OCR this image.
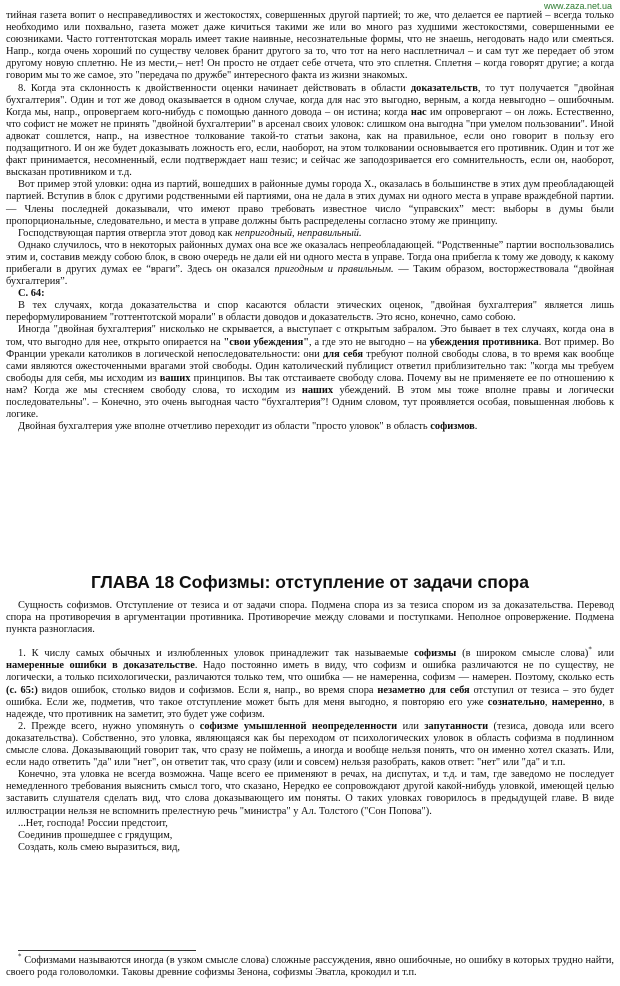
www.zaza.net.ua

тийная газета вопит о несправедливостях и жестокостях, совершенных другой партией; то же, что делается ее партией – всегда только необходимо или похвально, газета может даже кичиться такими же или во много раз худшими жестокостями, совершенными ее союзниками. Часто готтентотская мораль имеет такие наивные, несознательные формы, что не знаешь, негодовать надо или смеяться. Напр., когда очень хороший по существу человек бранит другого за то, что тот на него насплетничал – и сам тут же передает об этом другому новую сплетню. Не из мести,– нет! Он просто не отдает себе отчета, что это сплетня. Сплетня – когда говорят другие; а когда говорим мы то же самое, это "передача по дружбе" интересного факта из жизни знакомых.

8. Когда эта склонность к двойственности оценки начинает действовать в области доказательств, то тут получается "двойная бухгалтерия". Один и тот же довод оказывается в одном случае, когда для нас это выгодно, верным, а когда невыгодно – ошибочным. Когда мы, напр., опровергаем кого-нибудь с помощью данного довода – он истина; когда нас им опровергают – он ложь. Естественно, что софист не может не принять "двойной бухгалтерии" в арсенал своих уловок: слишком она выгодна "при умелом пользовании". Иной адвокат сошлется, напр., на известное толкование такой-то статьи закона, как на правильное, если оно говорит в пользу его подзащитного. И он же будет доказывать ложность его, если, наоборот, на этом толковании основывается его противник. Один и тот же факт принимается, несомненный, если подтверждает наш тезис; и сейчас же заподозривается его сомнительность, если он, наоборот, высказан противником и т.д.

Вот пример этой уловки: одна из партий, вошедших в районные думы города X., оказалась в большинстве в этих дум преобладающей партией. Вступив в блок с другими родственными ей партиями, она не дала в этих думах ни одного места в управе враждебной партии. — Члены последней доказывали, что имеют право требовать известное число “управских” мест: выборы в думы были пропорциональные, следовательно, и места в управе должны быть распределены согласно этому же принципу.

Господствующая партия отвергла этот довод как непригодный, неправильный.

Однако случилось, что в некоторых районных думах она все же оказалась непреобладающей. “Родственные” партии воспользовались этим и, составив между собою блок, в свою очередь не дали ей ни одного места в управе. Тогда она прибегла к тому же доводу, к какому прибегали в других думах ее “враги”. Здесь он оказался пригодным и правильным. — Таким образом, восторжествовала “двойная бухгалтерия”.

С. 64:

В тех случаях, когда доказательства и спор касаются области этических оценок, "двойная бухгалтерия" является лишь переформулированием "готтентотской морали" в области доводов и доказательств. Это ясно, конечно, само собою.

Иногда "двойная бухгалтерия" нисколько не скрывается, а выступает с открытым забралом. Это бывает в тех случаях, когда она в том, что выгодно для нее, открыто опирается на "свои убеждения", а где это не выгодно – на убеждения противника. Вот пример. Во Франции урекали католиков в логической непоследовательности: они для себя требуют полной свободы слова, в то время как вообще сами являются ожесточенными врагами этой свободы. Один католический публицист ответил приблизительно так: "когда мы требуем свободы для себя, мы исходим из ваших принципов. Вы так отстаиваете свободу слова. Почему вы не применяете ее по отношению к нам? Когда же мы стесняем свободу слова, то исходим из наших убеждений. В этом мы тоже вполне правы и логически последовательны". – Конечно, это очень выгодная часто “бухгалтерия”! Одним словом, тут проявляется особая, повышенная любовь к логике.

Двойная бухгалтерия уже вполне отчетливо переходит из области "просто уловок" в область софизмов.

ГЛАВА 18 Софизмы: отступление от задачи спора

Сущность софизмов. Отступление от тезиса и от задачи спора. Подмена спора из за тезиса спором из за доказательства. Перевод спора на противоречия в аргументации противника. Противоречие между словами и поступками. Неполное опровержение. Подмена пункта разногласия.

1. К числу самых обычных и излюбленных уловок принадлежит так называемые софизмы (в широком смысле слова)* или намеренные ошибки в доказательстве. Надо постоянно иметь в виду, что софизм и ошибка различаются не по существу, не логически, а только психологически, различаются только тем, что ошибка — не намеренна, софизм — намерен. Поэтому, сколько есть (с. 65:) видов ошибок, столько видов и софизмов. Если я, напр., во время спора незаметно для себя отступил от тезиса – это будет ошибка. Если же, подметив, что такое отступление может быть для меня выгодно, я повторяю его уже сознательно, намеренно, в надежде, что противник на заметит, это будет уже софизм.

2. Прежде всего, нужно упомянуть о софизме умышленной неопределенности или запутанности (тезиса, довода или всего доказательства). Собственно, это уловка, являющаяся как бы переходом от психологических уловок в область софизма в подлинном смысле слова. Доказывающий говорит так, что сразу не поймешь, а иногда и вообще нельзя понять, что он именно хотел сказать. Или, если надо ответить "да" или "нет", он ответит так, что сразу (или и совсем) нельзя разобрать, каков ответ: "нет" или "да" и т.п.

Конечно, эта уловка не всегда возможна. Чаще всего ее применяют в речах, на диспутах, и т.д. и там, где заведомо не последует немедленного требования выяснить смысл того, что сказано, Нередко ее сопровождают другой какой-нибудь уловкой, имеющей целью заставить слушателя сделать вид, что слова доказывающего им поняты. О таких уловках говорилось в предыдущей главе. В виде иллюстрации нельзя не вспомнить прелестную речь "министра" у Ал. Толстого ("Сон Попова").

...Нет, господа! России предстоит,

Соединив прошедшее с грядущим,

Создать, коль смею выразиться, вид,

* Софизмами называются иногда (в узком смысле слова) сложные рассуждения, явно ошибочные, но ошибку в которых трудно найти, своего рода головоломки. Таковы древние софизмы Зенона, софизмы Эватла, крокодил и т.п.
